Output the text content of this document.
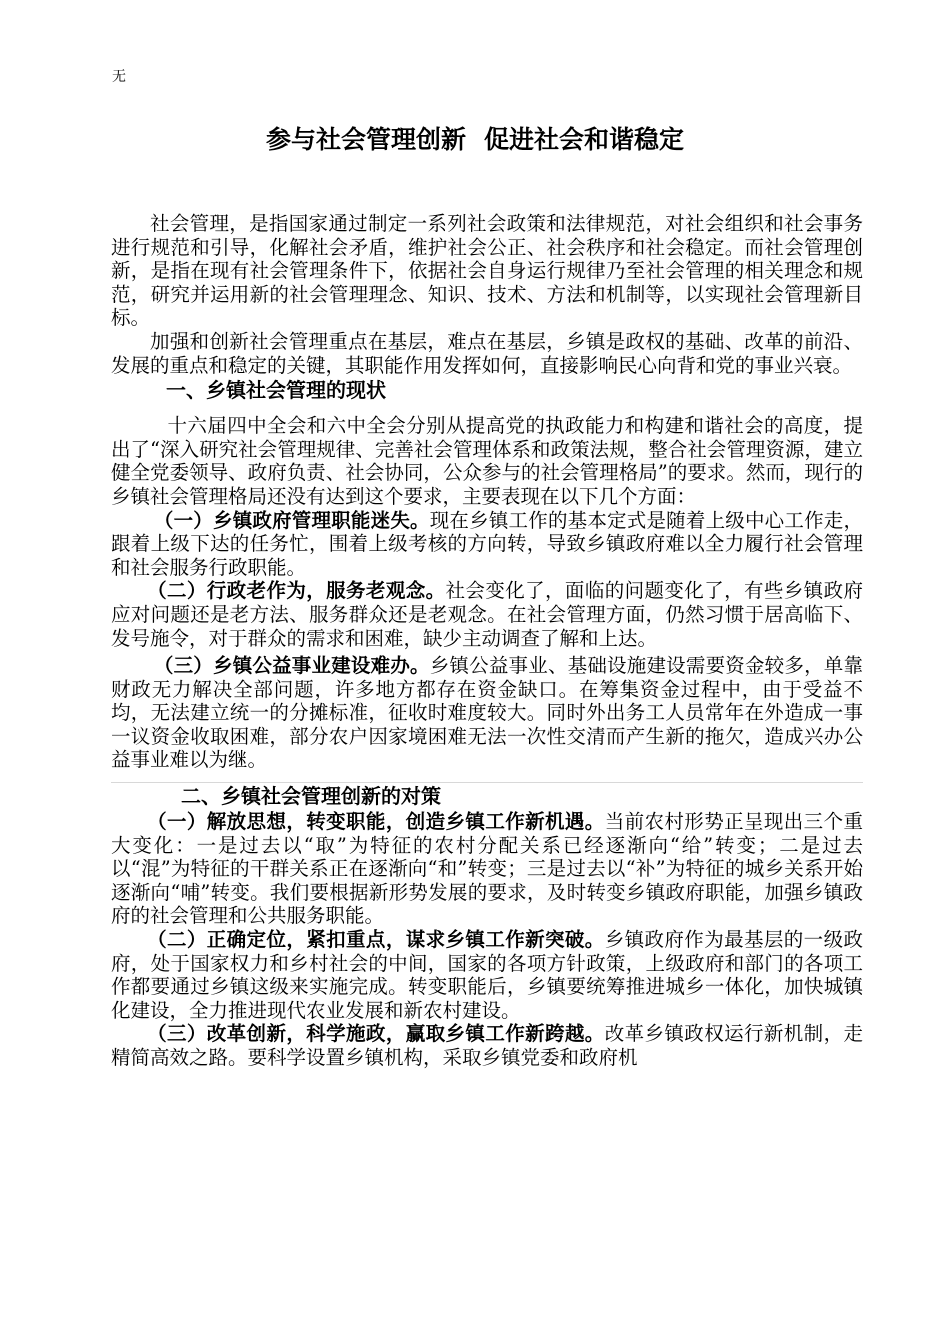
无
参与社会管理创新 促进社会和谐稳定

社会管理，是指国家通过制定一系列社会政策和法律规范，对社会组织和社会事务进行规范和引导，化解社会矛盾，维护社会公正、社会秩序和社会稳定。而社会管理创新，是指在现有社会管理条件下，依据社会自身运行规律乃至社会管理的相关理念和规范，研究并运用新的社会管理理念、知识、技术、方法和机制等，以实现社会管理新目标。

加强和创新社会管理重点在基层，难点在基层，乡镇是政权的基础、改革的前沿、发展的重点和稳定的关键，其职能作用发挥如何，直接影响民心向背和党的事业兴衰。

一、乡镇社会管理的现状

十六届四中全会和六中全会分别从提高党的执政能力和构建和谐社会的高度，提出了“深入研究社会管理规律、完善社会管理体系和政策法规，整合社会管理资源，建立健全党委领导、政府负责、社会协同，公众参与的社会管理格局”的要求。然而，现行的乡镇社会管理格局还没有达到这个要求，主要表现在以下几个方面：

（一）乡镇政府管理职能迷失。现在乡镇工作的基本定式是随着上级中心工作走，跟着上级下达的任务忙，围着上级考核的方向转，导致乡镇政府难以全力履行社会管理和社会服务行政职能。

（二）行政老作为，服务老观念。社会变化了，面临的问题变化了，有些乡镇政府应对问题还是老方法、服务群众还是老观念。在社会管理方面，仍然习惯于居高临下、发号施令，对于群众的需求和困难，缺少主动调查了解和上达。

（三）乡镇公益事业建设难办。乡镇公益事业、基础设施建设需要资金较多，单靠财政无力解决全部问题，许多地方都存在资金缺口。在筹集资金过程中，由于受益不均，无法建立统一的分摊标准，征收时难度较大。同时外出务工人员常年在外造成一事一议资金收取困难，部分农户因家境困难无法一次性交清而产生新的拖欠，造成兴办公益事业难以为继。

二、乡镇社会管理创新的对策

（一）解放思想，转变职能，创造乡镇工作新机遇。当前农村形势正呈现出三个重大变化：一是过去以“取”为特征的农村分配关系已经逐渐向“给”转变；二是过去以“混”为特征的干群关系正在逐渐向“和”转变；三是过去以“补”为特征的城乡关系开始逐渐向“哺”转变。我们要根据新形势发展的要求，及时转变乡镇政府职能，加强乡镇政府的社会管理和公共服务职能。

（二）正确定位，紧扣重点，谋求乡镇工作新突破。乡镇政府作为最基层的一级政府，处于国家权力和乡村社会的中间，国家的各项方针政策，上级政府和部门的各项工作都要通过乡镇这级来实施完成。转变职能后，乡镇要统筹推进城乡一体化，加快城镇化建设，全力推进现代农业发展和新农村建设。

（三）改革创新，科学施政，赢取乡镇工作新跨越。改革乡镇政权运行新机制，走精简高效之路。要科学设置乡镇机构，采取乡镇党委和政府机
